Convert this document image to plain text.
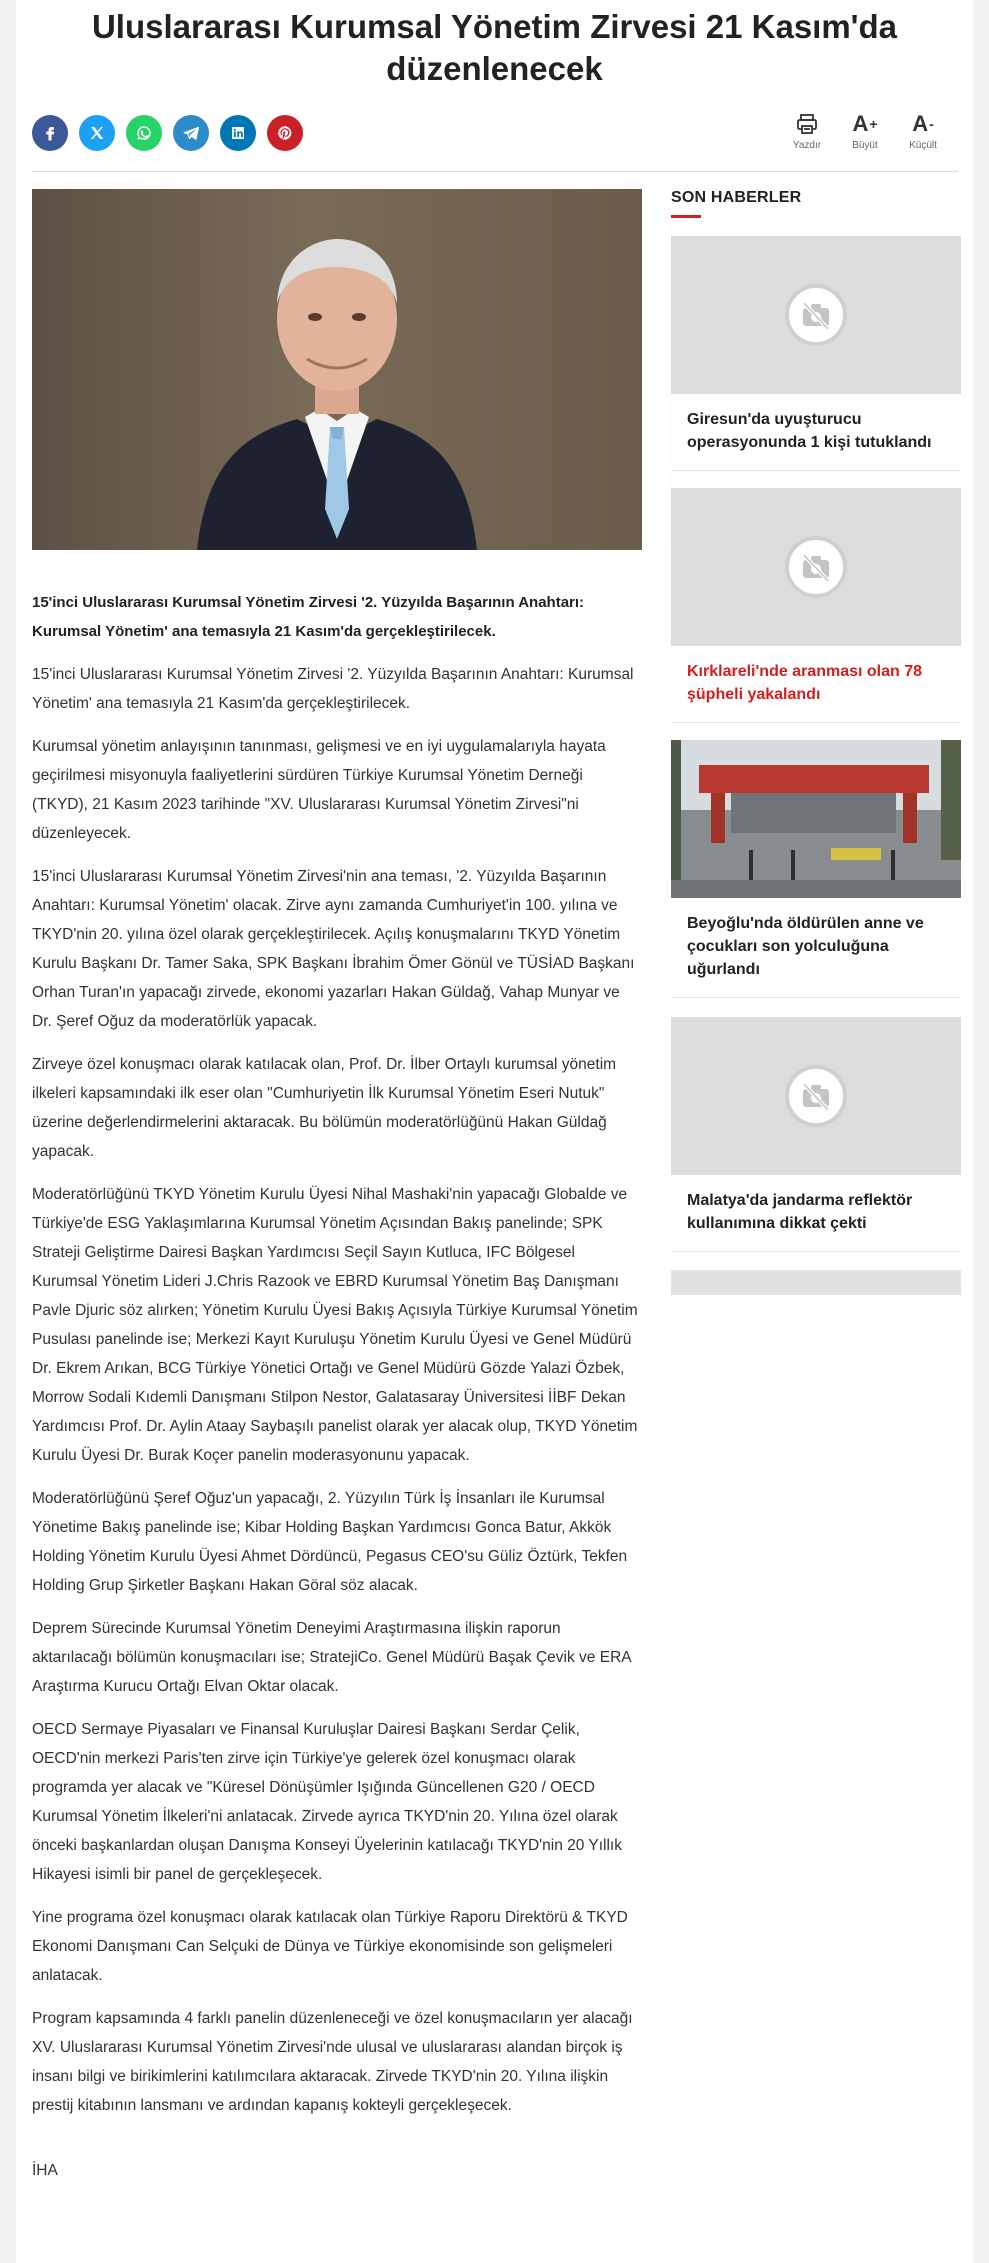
Uluslararası Kurumsal Yönetim Zirvesi 21 Kasım'da düzenlenecek
Yazdır
A +
Büyüt
A -
Küçült

15'inci Uluslararası Kurumsal Yönetim Zirvesi '2. Yüzyılda Başarının Anahtarı: Kurumsal Yönetim' ana temasıyla 21 Kasım'da gerçekleştirilecek.

15'inci Uluslararası Kurumsal Yönetim Zirvesi '2. Yüzyılda Başarının Anahtarı: Kurumsal Yönetim' ana temasıyla 21 Kasım'da gerçekleştirilecek.

Kurumsal yönetim anlayışının tanınması, gelişmesi ve en iyi uygulamalarıyla hayata geçirilmesi misyonuyla faaliyetlerini sürdüren Türkiye Kurumsal Yönetim Derneği (TKYD), 21 Kasım 2023 tarihinde "XV. Uluslararası Kurumsal Yönetim Zirvesi"ni düzenleyecek.

15'inci Uluslararası Kurumsal Yönetim Zirvesi'nin ana teması, '2. Yüzyılda Başarının Anahtarı: Kurumsal Yönetim' olacak. Zirve aynı zamanda Cumhuriyet'in 100. yılına ve TKYD'nin 20. yılına özel olarak gerçekleştirilecek. Açılış konuşmalarını TKYD Yönetim Kurulu Başkanı Dr. Tamer Saka, SPK Başkanı İbrahim Ömer Gönül ve TÜSİAD Başkanı Orhan Turan'ın yapacağı zirvede, ekonomi yazarları Hakan Güldağ, Vahap Munyar ve Dr. Şeref Oğuz da moderatörlük yapacak.

Zirveye özel konuşmacı olarak katılacak olan, Prof. Dr. İlber Ortaylı kurumsal yönetim ilkeleri kapsamındaki ilk eser olan "Cumhuriyetin İlk Kurumsal Yönetim Eseri Nutuk" üzerine değerlendirmelerini aktaracak. Bu bölümün moderatörlüğünü Hakan Güldağ yapacak.

Moderatörlüğünü TKYD Yönetim Kurulu Üyesi Nihal Mashaki'nin yapacağı Globalde ve Türkiye'de ESG Yaklaşımlarına Kurumsal Yönetim Açısından Bakış panelinde; SPK Strateji Geliştirme Dairesi Başkan Yardımcısı Seçil Sayın Kutluca, IFC Bölgesel Kurumsal Yönetim Lideri J.Chris Razook ve EBRD Kurumsal Yönetim Baş Danışmanı Pavle Djuric söz alırken; Yönetim Kurulu Üyesi Bakış Açısıyla Türkiye Kurumsal Yönetim Pusulası panelinde ise; Merkezi Kayıt Kuruluşu Yönetim Kurulu Üyesi ve Genel Müdürü Dr. Ekrem Arıkan, BCG Türkiye Yönetici Ortağı ve Genel Müdürü Gözde Yalazi Özbek, Morrow Sodali Kıdemli Danışmanı Stilpon Nestor, Galatasaray Üniversitesi İİBF Dekan Yardımcısı Prof. Dr. Aylin Ataay Saybaşılı panelist olarak yer alacak olup, TKYD Yönetim Kurulu Üyesi Dr. Burak Koçer panelin moderasyonunu yapacak.

Moderatörlüğünü Şeref Oğuz'un yapacağı, 2. Yüzyılın Türk İş İnsanları ile Kurumsal Yönetime Bakış panelinde ise; Kibar Holding Başkan Yardımcısı Gonca Batur, Akkök Holding Yönetim Kurulu Üyesi Ahmet Dördüncü, Pegasus CEO'su Güliz Öztürk, Tekfen Holding Grup Şirketler Başkanı Hakan Göral söz alacak.

Deprem Sürecinde Kurumsal Yönetim Deneyimi Araştırmasına ilişkin raporun aktarılacağı bölümün konuşmacıları ise; StratejiCo. Genel Müdürü Başak Çevik ve ERA Araştırma Kurucu Ortağı Elvan Oktar olacak.

OECD Sermaye Piyasaları ve Finansal Kuruluşlar Dairesi Başkanı Serdar Çelik, OECD'nin merkezi Paris'ten zirve için Türkiye'ye gelerek özel konuşmacı olarak programda yer alacak ve "Küresel Dönüşümler Işığında Güncellenen G20 / OECD Kurumsal Yönetim İlkeleri'ni anlatacak. Zirvede ayrıca TKYD'nin 20. Yılına özel olarak önceki başkanlardan oluşan Danışma Konseyi Üyelerinin katılacağı TKYD'nin 20 Yıllık Hikayesi isimli bir panel de gerçekleşecek.

Yine programa özel konuşmacı olarak katılacak olan Türkiye Raporu Direktörü & TKYD Ekonomi Danışmanı Can Selçuki de Dünya ve Türkiye ekonomisinde son gelişmeleri anlatacak.

Program kapsamında 4 farklı panelin düzenleneceği ve özel konuşmacıların yer alacağı XV. Uluslararası Kurumsal Yönetim Zirvesi'nde ulusal ve uluslararası alandan birçok iş insanı bilgi ve birikimlerini katılımcılara aktaracak. Zirvede TKYD'nin 20. Yılına ilişkin prestij kitabının lansmanı ve ardından kapanış kokteyli gerçekleşecek.

İHA

SON HABERLER
Giresun'da uyuşturucu operasyonunda 1 kişi tutuklandı
Kırklareli'nde aranması olan 78 şüpheli yakalandı
Beyoğlu'nda öldürülen anne ve çocukları son yolculuğuna uğurlandı
Malatya'da jandarma reflektör kullanımına dikkat çekti
